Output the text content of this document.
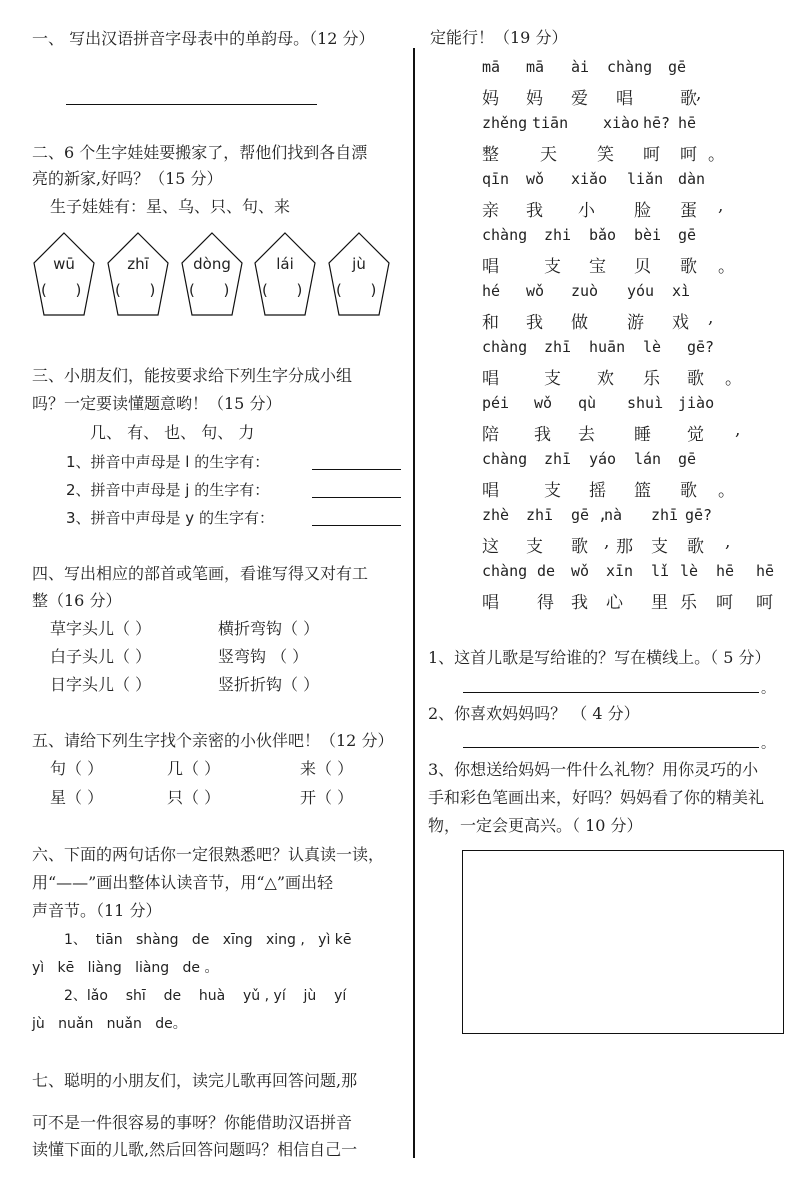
一、 写出汉语拼音字母表中的单韵母。（12 分）
二、6 个生字娃娃要搬家了，帮他们找到各自漂
亮的新家,好吗？（15 分）
生子娃娃有：星、乌、只、句、来
wū
(      )
zhī
(      )
dòng
(      )
lái
(      )
jù
(      )
三、小朋友们，能按要求给下列生字分成小组
吗？一定要读懂题意哟！（15 分）
几、 有、 也、 句、 力
1、拼音中声母是 l 的生字有：
2、拼音中声母是 j 的生字有：
3、拼音中声母是 y 的生字有：
四、写出相应的部首或笔画，看谁写得又对有工
整（16 分）
草字头儿（ ）	横折弯钩（ ）
白子头儿（ ）	竖弯钩 （ ）
日字头儿（ ）	竖折折钩（ ）
五、请给下列生字找个亲密的小伙伴吧！（12 分）
句（ ）	几（ ）	来（ ）
星（ ）	只（ ）	开（ ）
六、下面的两句话你一定很熟悉吧？认真读一读，
用“——”画出整体认读音节，用“△”画出轻
声音节。（11 分）
1、  tiān   shàng   de   xīng   xing ,   yì kē
yì   kē   liàng   liàng   de 。
2、lǎo    shī    de    huà    yǔ , yí    jù    yí
jù   nuǎn   nuǎn   de。
七、聪明的小朋友们，读完儿歌再回答问题,那
可不是一件很容易的事呀？你能借助汉语拼音
读懂下面的儿歌,然后回答问题吗？相信自己一
定能行！（19 分）
mā mā ài chàng gē
妈 妈 爱 唱	歌 ,
zhěng tiān xiào hē? hē
整 天 笑 呵 呵 。
qīn wǒ xiǎo liǎn dàn
亲 我 小 脸 蛋 ,
chàng zhi bǎo bèi gē
唱	支 宝 贝 歌 。
hé wǒ zuò yóu xì
和 我 做 游 戏 ,
chàng zhī huān lè gē?
唱	支 欢 乐 歌 。
péi wǒ qù shuì jiào
陪 我 去 睡 觉 ,
chàng zhī yáo lán gē
唱	支 摇 篮 歌 。
zhè zhī gē ,
nà zhī gē?
这 支 歌 , 那 支 歌 ,
chàng de wǒ xīn lǐ lè hē hē
唱 得 我 心 里 乐 呵 呵
1、这首儿歌是写给谁的？写在横线上。（ 5 分）
。
2、你喜欢妈妈吗？ （ 4 分）
。
3、你想送给妈妈一件什么礼物？用你灵巧的小
手和彩色笔画出来，好吗？妈妈看了你的精美礼
物，一定会更高兴。（ 10 分）
